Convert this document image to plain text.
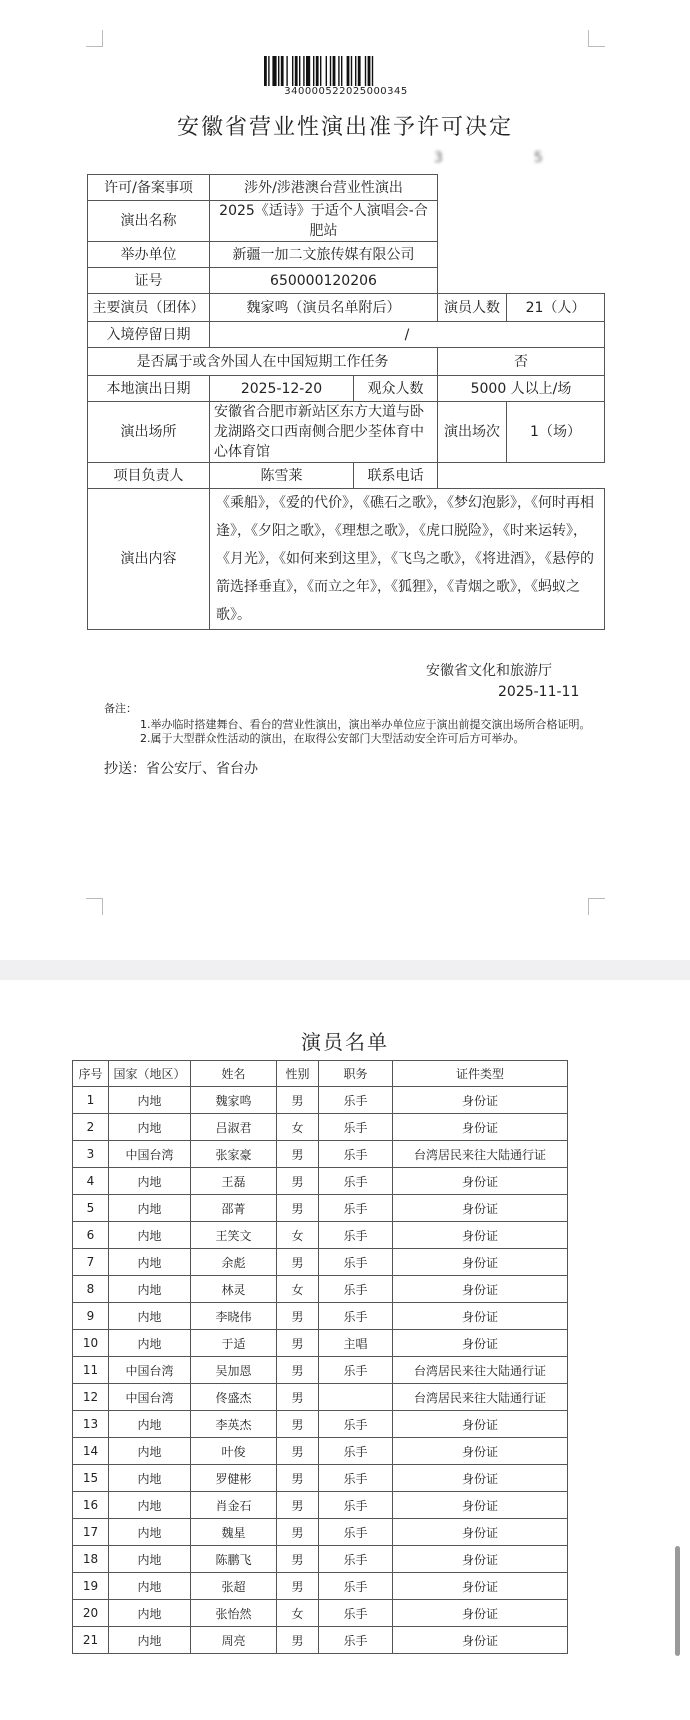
340000522025000345
安徽省营业性演出准予许可决定
3             5
许可/备案事项	涉外/涉港澳台营业性演出			
演出名称	2025《适诗》于适个人演唱会-合肥站			
举办单位	新疆一加二文旅传媒有限公司			
证号	650000120206			
主要演员（团体）	魏家鸣（演员名单附后）		演员人数	21（人）
入境停留日期	/			
是否属于或含外国人在中国短期工作任务			否	
本地演出日期	2025-12-20	观众人数	5000 人以上/场	
演出场所	安徽省合肥市新站区东方大道与卧龙湖路交口西南侧合肥少荃体育中心体育馆		演出场次	1（场）
项目负责人	陈雪莱	联系电话		
演出内容	《乘船》，《爱的代价》，《礁石之歌》，《梦幻泡影》，《何时再相逢》，《夕阳之歌》，《理想之歌》，《虎口脱险》，《时来运转》，《月光》，《如何来到这里》，《飞鸟之歌》，《将进酒》，《悬停的箭选择垂直》，《而立之年》，《狐狸》，《青烟之歌》，《蚂蚁之歌》。			
安徽省文化和旅游厅
2025-11-11
备注：
1.举办临时搭建舞台、看台的营业性演出，演出举办单位应于演出前提交演出场所合格证明。
2.属于大型群众性活动的演出，在取得公安部门大型活动安全许可后方可举办。
抄送：省公安厅、省台办
演员名单
序号	国家（地区）	姓名	性别	职务	证件类型
1	内地	魏家鸣	男	乐手	身份证
2	内地	吕淑君	女	乐手	身份证
3	中国台湾	张家豪	男	乐手	台湾居民来往大陆通行证
4	内地	王磊	男	乐手	身份证
5	内地	邵菁	男	乐手	身份证
6	内地	王笑文	女	乐手	身份证
7	内地	余彪	男	乐手	身份证
8	内地	林灵	女	乐手	身份证
9	内地	李晓伟	男	乐手	身份证
10	内地	于适	男	主唱	身份证
11	中国台湾	吴加恩	男	乐手	台湾居民来往大陆通行证
12	中国台湾	佟盛杰	男		台湾居民来往大陆通行证
13	内地	李英杰	男	乐手	身份证
14	内地	叶俊	男	乐手	身份证
15	内地	罗健彬	男	乐手	身份证
16	内地	肖金石	男	乐手	身份证
17	内地	魏星	男	乐手	身份证
18	内地	陈鹏飞	男	乐手	身份证
19	内地	张超	男	乐手	身份证
20	内地	张怡然	女	乐手	身份证
21	内地	周亮	男	乐手	身份证
